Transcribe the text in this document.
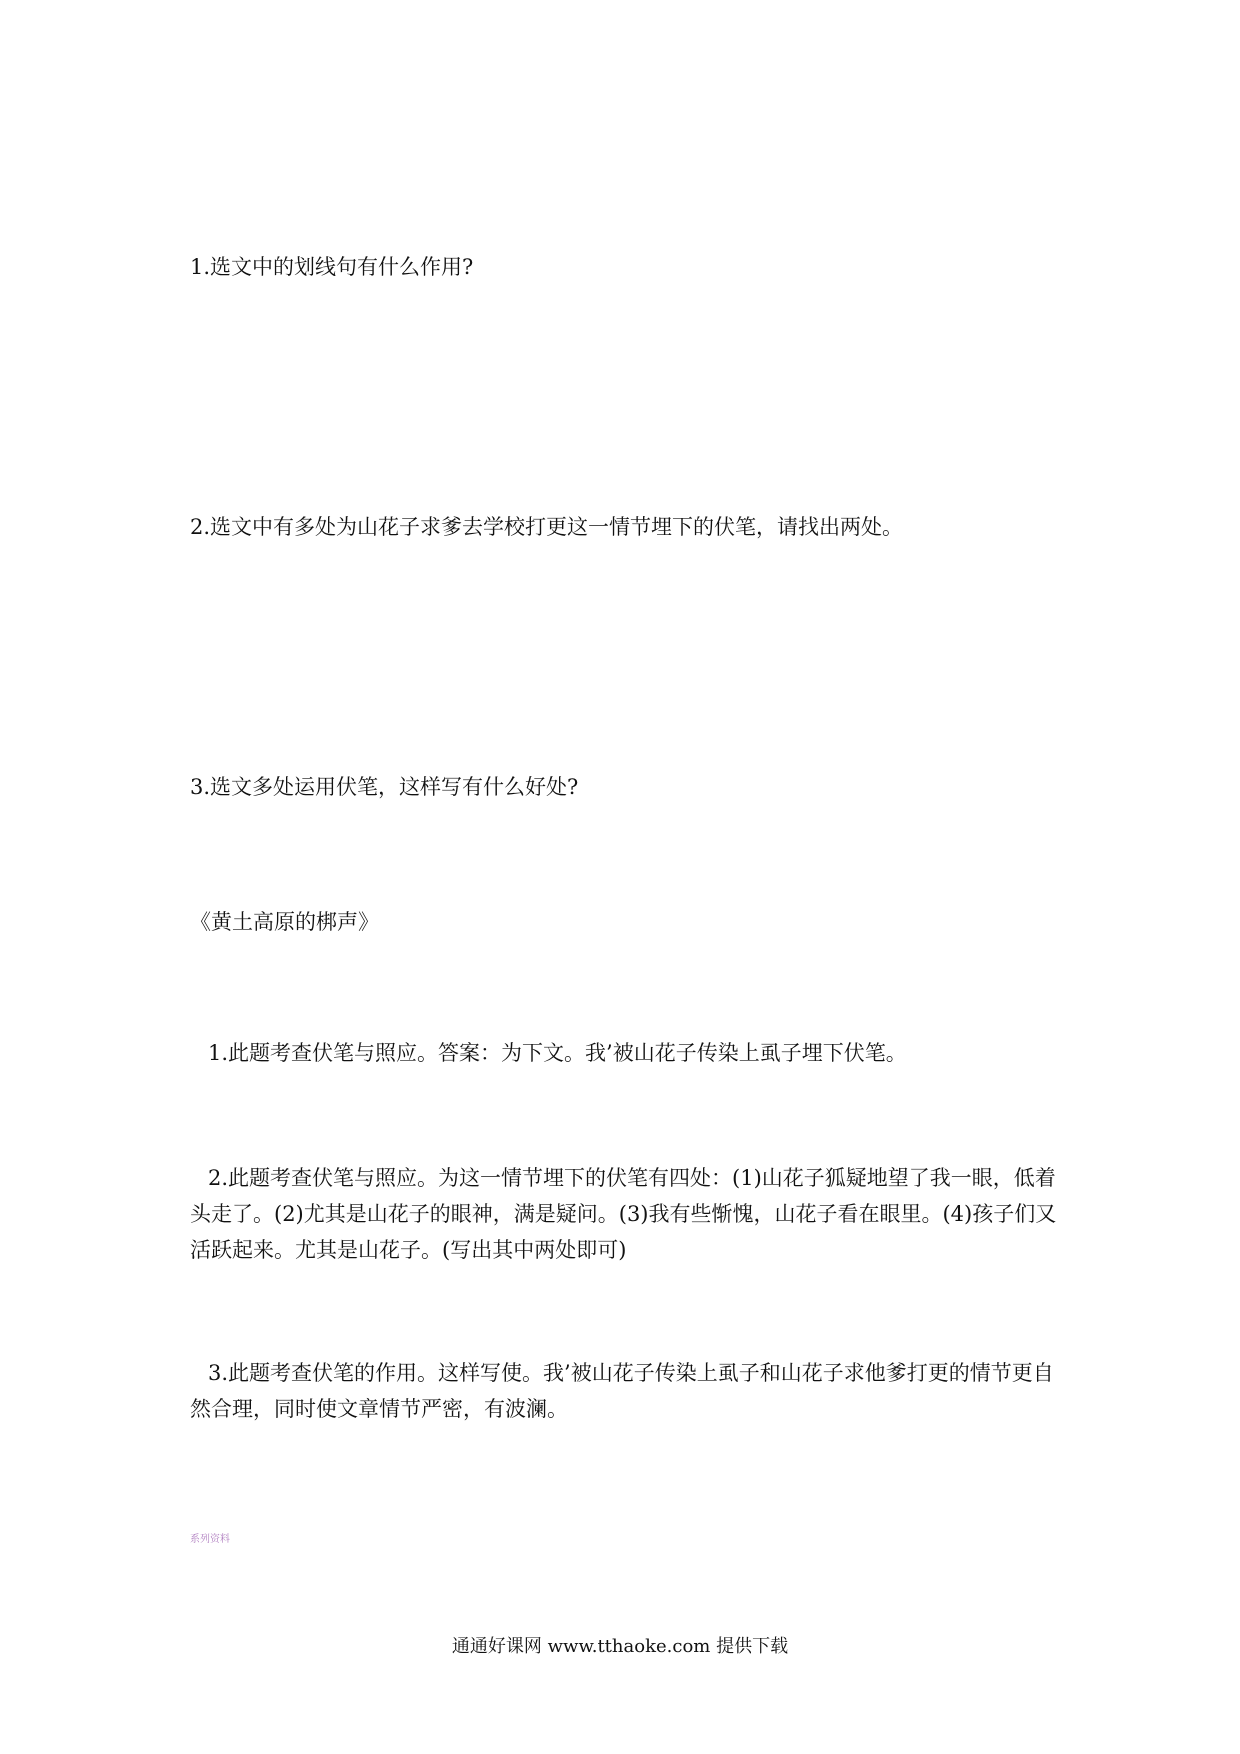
1.选文中的划线句有什么作用?
2.选文中有多处为山花子求爹去学校打更这一情节埋下的伏笔，请找出两处。
3.选文多处运用伏笔，这样写有什么好处?
《黄土高原的梆声》

1.此题考查伏笔与照应。答案：为下文。我’被山花子传染上虱子埋下伏笔。

2.此题考查伏笔与照应。为这一情节埋下的伏笔有四处：(1)山花子狐疑地望了我一眼，低着头走了。(2)尤其是山花子的眼神，满是疑问。(3)我有些惭愧，山花子看在眼里。(4)孩子们又活跃起来。尤其是山花子。(写出其中两处即可)

3.此题考查伏笔的作用。这样写使。我’被山花子传染上虱子和山花子求他爹打更的情节更自然合理，同时使文章情节严密，有波澜。

系列资料
通通好课网 www.tthaoke.com 提供下载
